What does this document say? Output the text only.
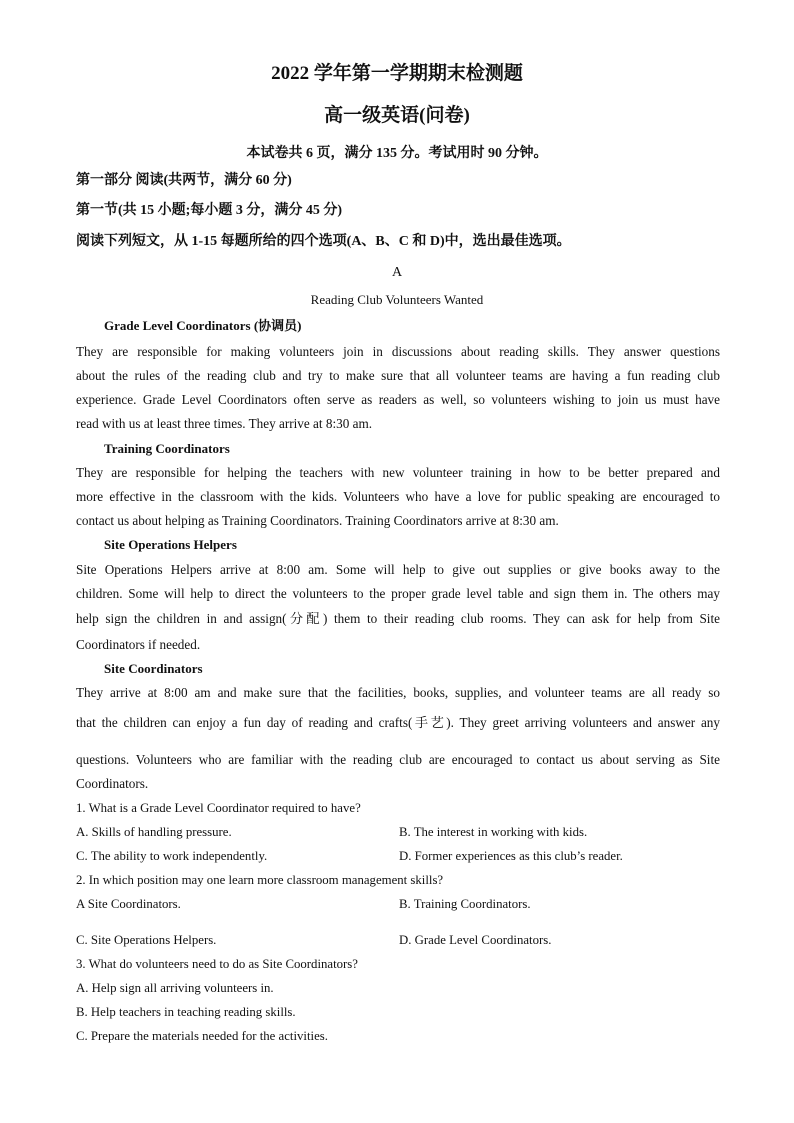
2022 学年第一学期期末检测题
高一级英语(问卷)
本试卷共 6 页，满分 135 分。考试用时 90 分钟。
第一部分 阅读(共两节，满分 60 分)
第一节(共 15 小题;每小题 3 分，满分 45 分)
阅读下列短文，从 1-15 每题所给的四个选项(A、B、C 和 D)中，选出最佳选项。
A
Reading Club Volunteers Wanted
Grade Level Coordinators (协调员)
They are responsible for making volunteers join in discussions about reading skills. They answer questions
about the rules of the reading club and try to make sure that all volunteer teams are having a fun reading club
experience. Grade Level Coordinators often serve as readers as well, so volunteers wishing to join us must have
read with us at least three times. They arrive at 8:30 am.
Training Coordinators
They are responsible for helping the teachers with new volunteer training in how to be better prepared and
more effective in the classroom with the kids. Volunteers who have a love for public speaking are encouraged to
contact us about helping as Training Coordinators. Training Coordinators arrive at 8:30 am.
Site Operations Helpers
Site Operations Helpers arrive at 8:00 am. Some will help to give out supplies or give books away to the
children. Some will help to direct the volunteers to the proper grade level table and sign them in. The others may
help sign the children in and assign(分配) them to their reading club rooms. They can ask for help from Site
Coordinators if needed.
Site Coordinators
They arrive at 8:00 am and make sure that the facilities, books, supplies, and volunteer teams are all ready so
that the children can enjoy a fun day of reading and crafts(手艺). They greet arriving volunteers and answer any
questions. Volunteers who are familiar with the reading club are encouraged to contact us about serving as Site
Coordinators.
1. What is a Grade Level Coordinator required to have?
A. Skills of handling pressure.	B. The interest in working with kids.
C. The ability to work independently.	D. Former experiences as this club’s reader.
2. In which position may one learn more classroom management skills?
A Site Coordinators.	B. Training Coordinators.
C. Site Operations Helpers.	D. Grade Level Coordinators.
3. What do volunteers need to do as Site Coordinators?
A. Help sign all arriving volunteers in.
B. Help teachers in teaching reading skills.
C. Prepare the materials needed for the activities.
